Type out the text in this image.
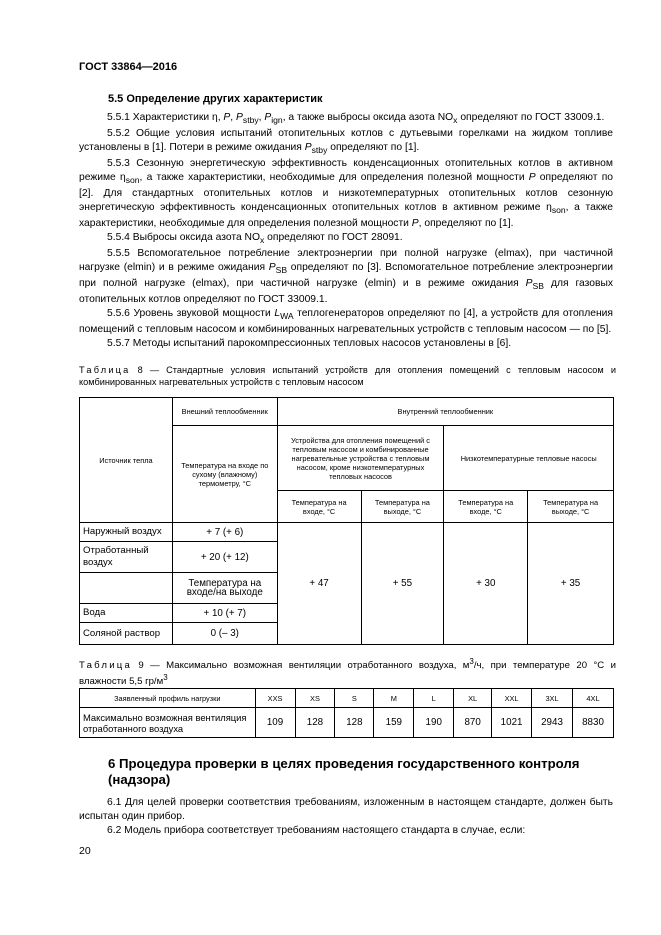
ГОСТ 33864—2016
5.5 Определение других характеристик

5.5.1 Характеристики η, P, $P_{stby}$, $P_{ign}$, а также выбросы оксида азота $NO_x$ определяют по ГОСТ 33009.1.

5.5.2 Общие условия испытаний отопительных котлов с дутьевыми горелками на жидком топливе установлены в [1]. Потери в режиме ожидания $P_{stby}$ определяют по [1].

5.5.3 Сезонную энергетическую эффективность конденсационных отопительных котлов в активном режиме $\eta_{son}$, а также характеристики, необходимые для определения полезной мощности P определяют по [2]. Для стандартных отопительных котлов и низкотемпературных отопительных котлов сезонную энергетическую эффективность конденсационных отопительных котлов в активном режиме $\eta_{son}$, а также характеристики, необходимые для определения полезной мощности P, определяют по [1].

5.5.4 Выбросы оксида азота $NO_x$ определяют по ГОСТ 28091.

5.5.5 Вспомогательное потребление электроэнергии при полной нагрузке (elmax), при частичной нагрузке (elmin) и в режиме ожидания $P_{SB}$ определяют по [3]. Вспомогательное потребление электроэнергии при полной нагрузке (elmax), при частичной нагрузке (elmin) и в режиме ожидания $P_{SB}$ для газовых отопительных котлов определяют по ГОСТ 33009.1.

5.5.6 Уровень звуковой мощности $L_{WA}$ теплогенераторов определяют по [4], а устройств для отопления помещений с тепловым насосом и комбинированных нагревательных устройств с тепловым насосом — по [5].

5.5.7 Методы испытаний парокомпрессионных тепловых насосов установлены в [6].

Таблица 8 — Стандартные условия испытаний устройств для отопления помещений с тепловым насосом и комбинированных нагревательных устройств с тепловым насосом
Источник тепла	Внешний теплообменник	Внутренний теплообменник			
	Температура на входе по сухому (влажному) термометру, °С	Устройства для отопления помещений с тепловым насосом и комбинированные нагревательные устройства с тепловым насосом, кроме низкотемпературных тепловых насосов		Низкотемпературные тепловые насосы	
		Температура на входе, °С	Температура на выходе, °С	Температура на входе, °С	Температура на выходе, °С
Наружный воздух	+ 7 (+ 6)	+ 47	+ 55	+ 30	+ 35
Отработанный воздух	+ 20 (+ 12)				
	Температура на входе/на выходе				
Вода	+ 10 (+ 7)				
Соляной раствор	0 (– 3)				
Таблица 9 — Максимально возможная вентиляции отработанного воздуха, $м^3/ч$, при температуре 20 °С и влажности 5,5 $гр/м^3$
Заявленный профиль нагрузки	XXS	XS	S	M	L	XL	XXL	3XL	4XL
Максимально возможная вентиляция отработанного воздуха	109	128	128	159	190	870	1021	2943	8830
6 Процедура проверки в целях проведения государственного контроля (надзора)

6.1 Для целей проверки соответствия требованиям, изложенным в настоящем стандарте, должен быть испытан один прибор.

6.2 Модель прибора соответствует требованиям настоящего стандарта в случае, если:

20
